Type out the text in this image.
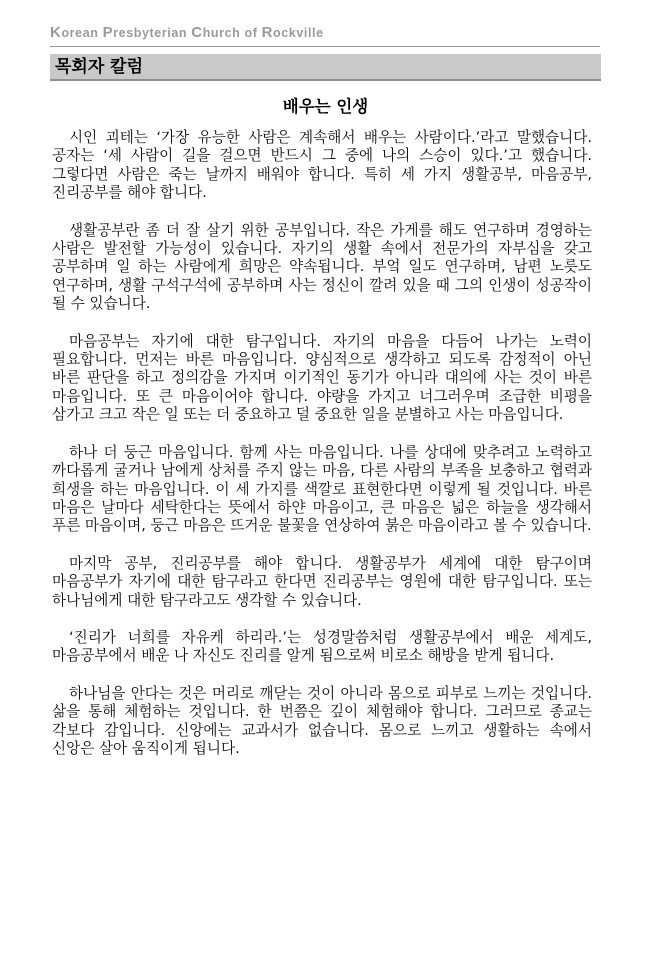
Korean Presbyterian Church of Rockville
목회자 칼럼
배우는 인생

시인 괴테는 ‘가장 유능한 사람은 계속해서 배우는 사람이다.’라고 말했습니다. 공자는 ‘세 사람이 길을 걸으면 반드시 그 중에 나의 스승이 있다.’고 했습니다. 그렇다면 사람은 죽는 날까지 배워야 합니다. 특히 세 가지 생활공부, 마음공부, 진리공부를 해야 합니다.

생활공부란 좀 더 잘 살기 위한 공부입니다. 작은 가게를 해도 연구하며 경영하는 사람은 발전할 가능성이 있습니다. 자기의 생활 속에서 전문가의 자부심을 갖고 공부하며 일 하는 사람에게 희망은 약속됩니다. 부엌 일도 연구하며, 남편 노릇도 연구하며, 생활 구석구석에 공부하며 사는 정신이 깔려 있을 때 그의 인생이 성공작이 될 수 있습니다.

마음공부는 자기에 대한 탐구입니다. 자기의 마음을 다듬어 나가는 노력이 필요합니다. 먼저는 바른 마음입니다. 양심적으로 생각하고 되도록 감정적이 아닌 바른 판단을 하고 정의감을 가지며 이기적인 동기가 아니라 대의에 사는 것이 바른 마음입니다. 또 큰 마음이어야 합니다. 야량을 가지고 너그러우며 조급한 비평을 삼가고 크고 작은 일 또는 더 중요하고 덜 중요한 일을 분별하고 사는 마음입니다.

하나 더 둥근 마음입니다. 함께 사는 마음입니다. 나를 상대에 맞추려고 노력하고 까다롭게 굴거나 남에게 상처를 주지 않는 마음, 다른 사람의 부족을 보충하고 협력과 희생을 하는 마음입니다. 이 세 가지를 색깔로 표현한다면 이렇게 될 것입니다. 바른 마음은 날마다 세탁한다는 뜻에서 하얀 마음이고, 큰 마음은 넓은 하늘을 생각해서 푸른 마음이며, 둥근 마음은 뜨거운 불꽃을 연상하여 붉은 마음이라고 볼 수 있습니다.

마지막 공부, 진리공부를 해야 합니다. 생활공부가 세계에 대한 탐구이며 마음공부가 자기에 대한 탐구라고 한다면 진리공부는 영원에 대한 탐구입니다. 또는 하나님에게 대한 탐구라고도 생각할 수 있습니다.

‘진리가 너희를 자유케 하리라.’는 성경말씀처럼 생활공부에서 배운 세계도, 마음공부에서 배운 나 자신도 진리를 알게 됨으로써 비로소 해방을 받게 됩니다.

하나님을 안다는 것은 머리로 깨닫는 것이 아니라 몸으로 피부로 느끼는 것입니다. 삶을 통해 체험하는 것입니다. 한 번쯤은 깊이 체험해야 합니다. 그러므로 종교는 각보다 감입니다. 신앙에는 교과서가 없습니다. 몸으로 느끼고 생활하는 속에서 신앙은 살아 움직이게 됩니다.
